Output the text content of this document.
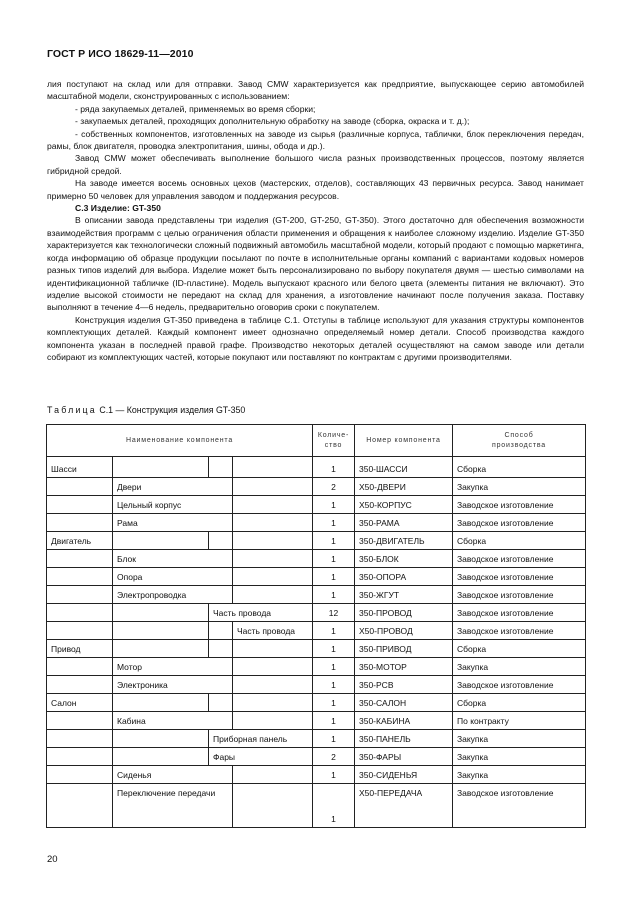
ГОСТ Р ИСО 18629-11—2010

лия поступают на склад или для отправки. Завод CMW характеризуется как предприятие, выпускающее серию автомобилей масштабной модели, сконструированных с использованием:

- ряда закупаемых деталей, применяемых во время сборки;

- закупаемых деталей, проходящих дополнительную обработку на заводе (сборка, окраска и т. д.);

- собственных компонентов, изготовленных на заводе из сырья (различные корпуса, таблички, блок переключения передач, рамы, блок двигателя, проводка электропитания, шины, обода и др.).

Завод CMW может обеспечивать выполнение большого числа разных производственных процессов, поэтому является гибридной средой.

На заводе имеется восемь основных цехов (мастерских, отделов), составляющих 43 первичных ресурса. Завод нанимает примерно 50 человек для управления заводом и поддержания ресурсов.

С.3 Изделие: GT-350

В описании завода представлены три изделия (GT-200, GT-250, GT-350). Этого достаточно для обеспечения возможности взаимодействия программ с целью ограничения области применения и обращения к наиболее сложному изделию. Изделие GT-350 характеризуется как технологически сложный подвижный автомобиль масштабной модели, который продают с помощью маркетинга, когда информацию об образце продукции посылают по почте в исполнительные органы компаний с вариантами кодовых номеров разных типов изделий для выбора. Изделие может быть персонализировано по выбору покупателя двумя — шестью символами на идентификационной табличке (ID-пластине). Модель выпускают красного или белого цвета (элементы питания не включают). Это изделие высокой стоимости не передают на склад для хранения, а изготовление начинают после получения заказа. Поставку выполняют в течение 4—6 недель, предварительно оговорив сроки с покупателем.

Конструкция изделия GT-350 приведена в таблице С.1. Отступы в таблице используют для указания структуры компонентов комплектующих деталей. Каждый компонент имеет однозначно определяемый номер детали. Способ производства каждого компонента указан в последней правой графе. Производство некоторых деталей осуществляют на самом заводе или детали собирают из комплектующих частей, которые покупают или поставляют по контрактам с другими производителями.

Таблица С.1 — Конструкция изделия GT-350
Наименование компонента				Количе-
ство	Номер компонента	Способ
производства
Шасси				1	350-ШАССИ	Сборка
	Двери			2	Х50-ДВЕРИ	Закупка
	Цельный корпус			1	Х50-КОРПУС	Заводское изготовление
	Рама			1	350-РАМА	Заводское изготовление
Двигатель				1	350-ДВИГАТЕЛЬ	Сборка
	Блок			1	350-БЛОК	Заводское изготовление
	Опора			1	350-ОПОРА	Заводское изготовление
	Электропроводка			1	350-ЖГУТ	Заводское изготовление
		Часть провода		12	350-ПРОВОД	Заводское изготовление
			Часть провода	1	Х50-ПРОВОД	Заводское изготовление
Привод				1	350-ПРИВОД	Сборка
	Мотор			1	350-МОТОР	Закупка
	Электроника			1	350-PCB	Заводское изготовление
Салон				1	350-САЛОН	Сборка
	Кабина			1	350-КАБИНА	По контракту
		Приборная панель		1	350-ПАНЕЛЬ	Закупка
		Фары		2	350-ФАРЫ	Закупка
	Сиденья			1	350-СИДЕНЬЯ	Закупка
	Переключение передачи			1	Х50-ПЕРЕДАЧА	Заводское изготовление
20
